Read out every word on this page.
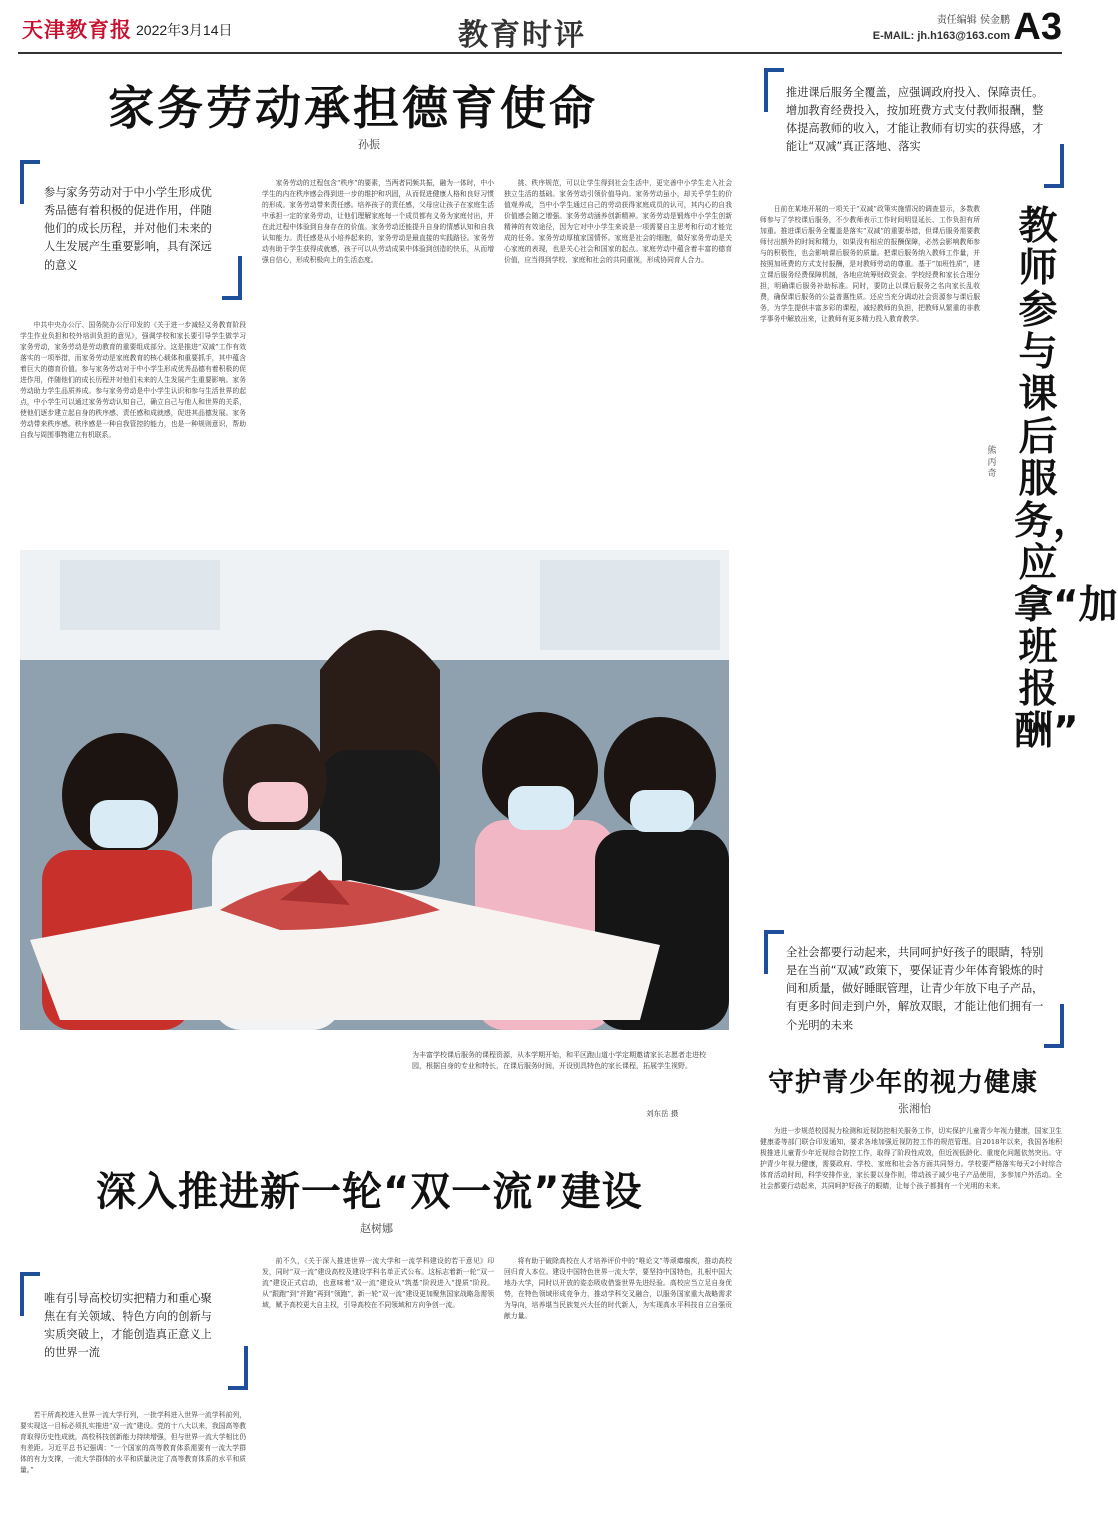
天津教育报 2022年3月14日	教育时评	责任编辑 侯金鹏
E-MAIL: jh.h163@163.com A3
家务劳动承担德育使命
孙振
参与家务劳动对于中小学生形成优秀品德有着积极的促进作用，伴随他们的成长历程，并对他们未来的人生发展产生重要影响，具有深远的意义

中共中央办公厅、国务院办公厅印发的《关于进一步减轻义务教育阶段学生作业负担和校外培训负担的意见》，强调学校和家长要引导学生做学习家务劳动，家务劳动是劳动教育的重要组成部分。这是推进“双减”工作有效落实的一项举措，而家务劳动是家庭教育的核心载体和重要抓手，其中蕴含着巨大的德育价值。参与家务劳动对于中小学生形成优秀品德有着积极的促进作用，伴随他们的成长历程并对他们未来的人生发展产生重要影响。家务劳动助力学生品质养成。参与家务劳动是中小学生认识和参与生活世界的起点，中小学生可以通过家务劳动认知自己，确立自己与他人和世界的关系，使他们逐步建立起自身的秩序感、责任感和成就感，促进其品德发展。家务劳动带来秩序感。秩序感是一种自我管控的能力，也是一种规则意识，帮助自我与周围事物建立有机联系。

家务劳动的过程包含“秩序”的要素，当两者同频共振，融为一体时，中小学生的内在秩序感会得到进一步的维护和巩固，从而促进健康人格和良好习惯的形成。家务劳动带来责任感。培养孩子的责任感，父母应让孩子在家庭生活中承担一定的家务劳动，让他们理解家庭每一个成员都有义务为家庭付出，并在此过程中体验到自身存在的价值。家务劳动还能提升自身的情感认知和自我认知能力。责任感是从小培养起来的，家务劳动是最直接的实践路径。家务劳动有助于学生获得成就感，孩子可以从劳动成果中体验到创造的快乐，从而增强自信心，形成积极向上的生活态度。

挑、秩序规范，可以让学生得到社会生活中，更完善中小学生走入社会独立生活的基础。家务劳动引领价值导向。家务劳动虽小，却关乎学生的价值观养成，当中小学生通过自己的劳动获得家庭成员的认可，其内心的自我价值感会随之增强。家务劳动涵养创新精神。家务劳动是锻炼中小学生创新精神的有效途径，因为它对中小学生来说是一项需要自主思考和行动才能完成的任务。家务劳动厚植家国情怀。家庭是社会的细胞，做好家务劳动是关心家庭的表现，也是关心社会和国家的起点。家庭劳动中蕴含着丰富的德育价值，应当得到学校、家庭和社会的共同重视，形成协同育人合力。

为丰富学校课后服务的课程资源，从本学期开始，和平区跑山道小学定期邀请家长志愿者走进校园，根据自身的专业和特长，在课后服务时间，开设别具特色的家长课程，拓展学生视野。
刘东岳 摄
深入推进新一轮“双一流”建设
赵树娜
唯有引导高校切实把精力和重心聚焦在有关领域、特色方向的创新与实质突破上，才能创造真正意义上的世界一流

若干所高校进入世界一流大学行列，一批学科进入世界一流学科前列，要实现这一目标必须扎实推进“双一流”建设。党的十八大以来，我国高等教育取得历史性成就，高校科技创新能力持续增强，但与世界一流大学相比仍有差距。习近平总书记强调：“一个国家的高等教育体系需要有一流大学群体的有力支撑，一流大学群体的水平和质量决定了高等教育体系的水平和质量。”

前不久，《关于深入推进世界一流大学和一流学科建设的若干意见》印发，同时“双一流”建设高校及建设学科名单正式公布。这标志着新一轮“双一流”建设正式启动，也意味着“双一流”建设从“筑基”阶段进入“提质”阶段。从“跟跑”到“并跑”再到“领跑”，新一轮“双一流”建设更加聚焦国家战略急需领域，赋予高校更大自主权，引导高校在不同领域和方向争创一流。

将有助于破除高校在人才培养评价中的“唯论文”等顽瘴痼疾，推动高校回归育人本位。建设中国特色世界一流大学，要坚持中国特色，扎根中国大地办大学，同时以开放的姿态吸收借鉴世界先进经验。高校应当立足自身优势，在特色领域形成竞争力，推动学科交叉融合，以服务国家重大战略需求为导向，培养堪当民族复兴大任的时代新人，为实现高水平科技自立自强贡献力量。

推进课后服务全覆盖，应强调政府投入、保障责任。增加教育经费投入，按加班费方式支付教师报酬，整体提高教师的收入，才能让教师有切实的获得感，才能让“双减”真正落地、落实
教师参与课后服务，应拿“加班报酬”
熊丙奇

日前在某地开展的一项关于“双减”政策实施情况的调查显示，多数教师参与了学校课后服务，不少教师表示工作时间明显延长、工作负担有所加重。推进课后服务全覆盖是落实“双减”的重要举措，但课后服务需要教师付出额外的时间和精力，如果没有相应的报酬保障，必然会影响教师参与的积极性，也会影响课后服务的质量。把课后服务纳入教师工作量，并按照加班费的方式支付报酬，是对教师劳动的尊重。基于“加班性质”，建立课后服务经费保障机制，各地应统筹财政资金、学校经费和家长合理分担，明确课后服务补助标准。同时，要防止以课后服务之名向家长乱收费，确保课后服务的公益普惠性质。还应当充分调动社会资源参与课后服务，为学生提供丰富多彩的课程，减轻教师的负担，把教师从繁重的非教学事务中解放出来，让教师有更多精力投入教育教学。

全社会都要行动起来，共同呵护好孩子的眼睛，特别是在当前“双减”政策下，要保证青少年体育锻炼的时间和质量，做好睡眠管理，让青少年放下电子产品，有更多时间走到户外，解放双眼，才能让他们拥有一个光明的未来
守护青少年的视力健康
张湘怡

为进一步规范校园视力检测和近视防控相关服务工作，切实保护儿童青少年视力健康，国家卫生健康委等部门联合印发通知，要求各地加强近视防控工作的规范管理。自2018年以来，我国各地积极推进儿童青少年近视综合防控工作，取得了阶段性成效，但近视低龄化、重度化问题依然突出。守护青少年视力健康，需要政府、学校、家庭和社会各方面共同努力。学校要严格落实每天2小时综合体育活动时间，科学安排作业，家长要以身作则，带动孩子减少电子产品使用，多参加户外活动。全社会都要行动起来，共同呵护好孩子的眼睛，让每个孩子都拥有一个光明的未来。
